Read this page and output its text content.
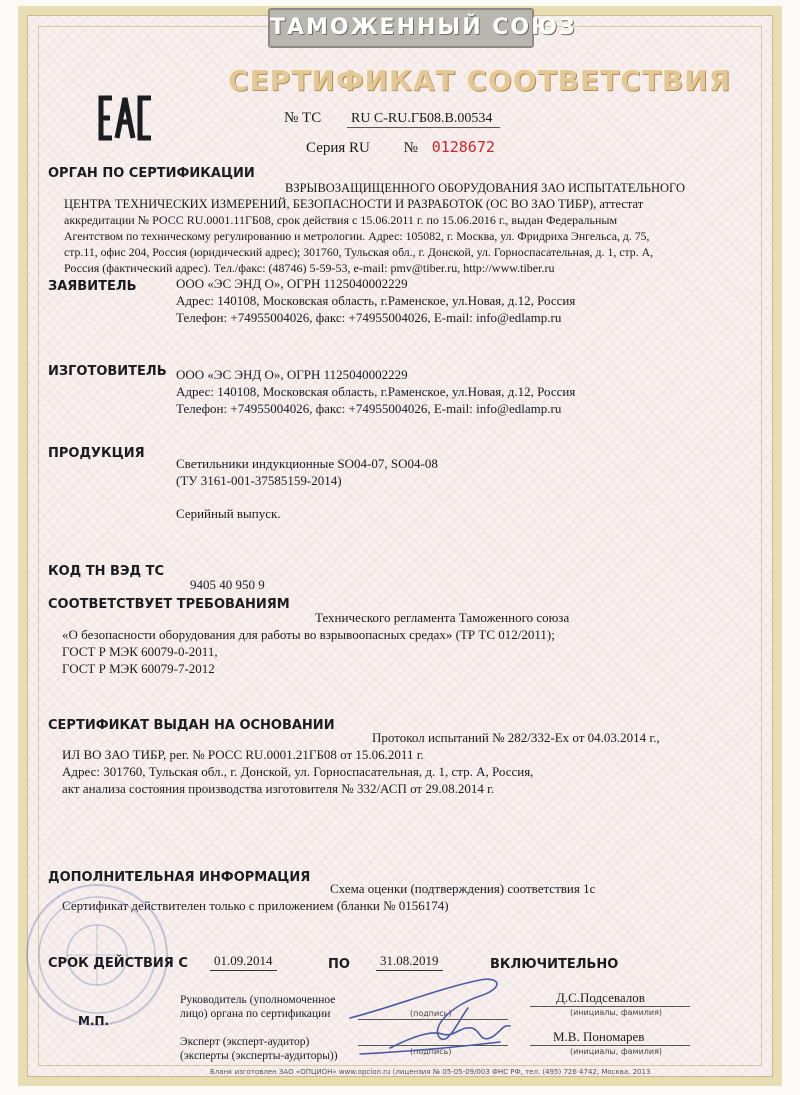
ТАМОЖЕННЫЙ СОЮЗ
СЕРТИФИКАТ СООТВЕТСТВИЯ
EAC
№ ТС RU C-RU.ГБ08.В.00534
Серия RU № 0128672
ОРГАН ПО СЕРТИФИКАЦИИ
ВЗРЫВОЗАЩИЩЕННОГО ОБОРУДОВАНИЯ ЗАО ИСПЫТАТЕЛЬНОГО
ЦЕНТРА ТЕХНИЧЕСКИХ ИЗМЕРЕНИЙ, БЕЗОПАСНОСТИ И РАЗРАБОТОК (ОС ВО ЗАО ТИБР), аттестат
аккредитации № РОСС RU.0001.11ГБ08, срок действия с 15.06.2011 г. по 15.06.2016 г., выдан Федеральным
Агентством по техническому регулированию и метрологии. Адрес: 105082, г. Москва, ул. Фридриха Энгельса, д. 75,
стр.11, офис 204, Россия (юридический адрес); 301760, Тульская обл., г. Донской, ул. Горноспасательная, д. 1, стр. А,
Россия (фактический адрес). Тел./факс: (48746) 5-59-53, e-mail: pmv@tiber.ru, http://www.tiber.ru
ЗАЯВИТЕЛЬ	ООО «ЭС ЭНД О», ОГРН 1125040002229
Адрес: 140108, Московская область, г.Раменское, ул.Новая, д.12, Россия
Телефон: +74955004026, факс: +74955004026, E-mail: info@edlamp.ru
ИЗГОТОВИТЕЛЬ ООО «ЭС ЭНД О», ОГРН 1125040002229
Адрес: 140108, Московская область, г.Раменское, ул.Новая, д.12, Россия
Телефон: +74955004026, факс: +74955004026, E-mail: info@edlamp.ru
ПРОДУКЦИЯ
Светильники индукционные SO04-07, SO04-08
(ТУ 3161-001-37585159-2014)
Серийный выпуск.
КОД ТН ВЭД ТС
9405 40 950 9
СООТВЕТСТВУЕТ ТРЕБОВАНИЯМ
Технического регламента Таможенного союза
«О безопасности оборудования для работы во взрывоопасных средах» (ТР ТС 012/2011);
ГОСТ Р МЭК 60079-0-2011,
ГОСТ Р МЭК 60079-7-2012
СЕРТИФИКАТ ВЫДАН НА ОСНОВАНИИ
Протокол испытаний № 282/332-Ex от 04.03.2014 г.,
ИЛ ВО ЗАО ТИБР, рег. № РОСС RU.0001.21ГБ08 от 15.06.2011 г.
Адрес: 301760, Тульская обл., г. Донской, ул. Горноспасательная, д. 1, стр. А, Россия,
акт анализа состояния производства изготовителя № 332/АСП от 29.08.2014 г.
ДОПОЛНИТЕЛЬНАЯ ИНФОРМАЦИЯ
Схема оценки (подтверждения) соответствия 1с
Сертификат действителен только с приложением (бланки № 0156174)
СРОК ДЕЙСТВИЯ С	01.09.2014	ПО	31.08.2019	ВКЛЮЧИТЕЛЬНО
М.П.
Руководитель (уполномоченное
лицо) органа по сертификации	(подпись)
Д.С.Подсевалов
(инициалы, фамилия)
Эксперт (эксперт-аудитор)
(эксперты (эксперты-аудиторы))	(подпись)
М.В. Пономарев
(инициалы, фамилия)
Бланк изготовлен ЗАО «ОПЦИОН» www.opcion.ru (лицензия № 05-05-09/003 ФНС РФ, тел. (495) 726 4742, Москва, 2013
